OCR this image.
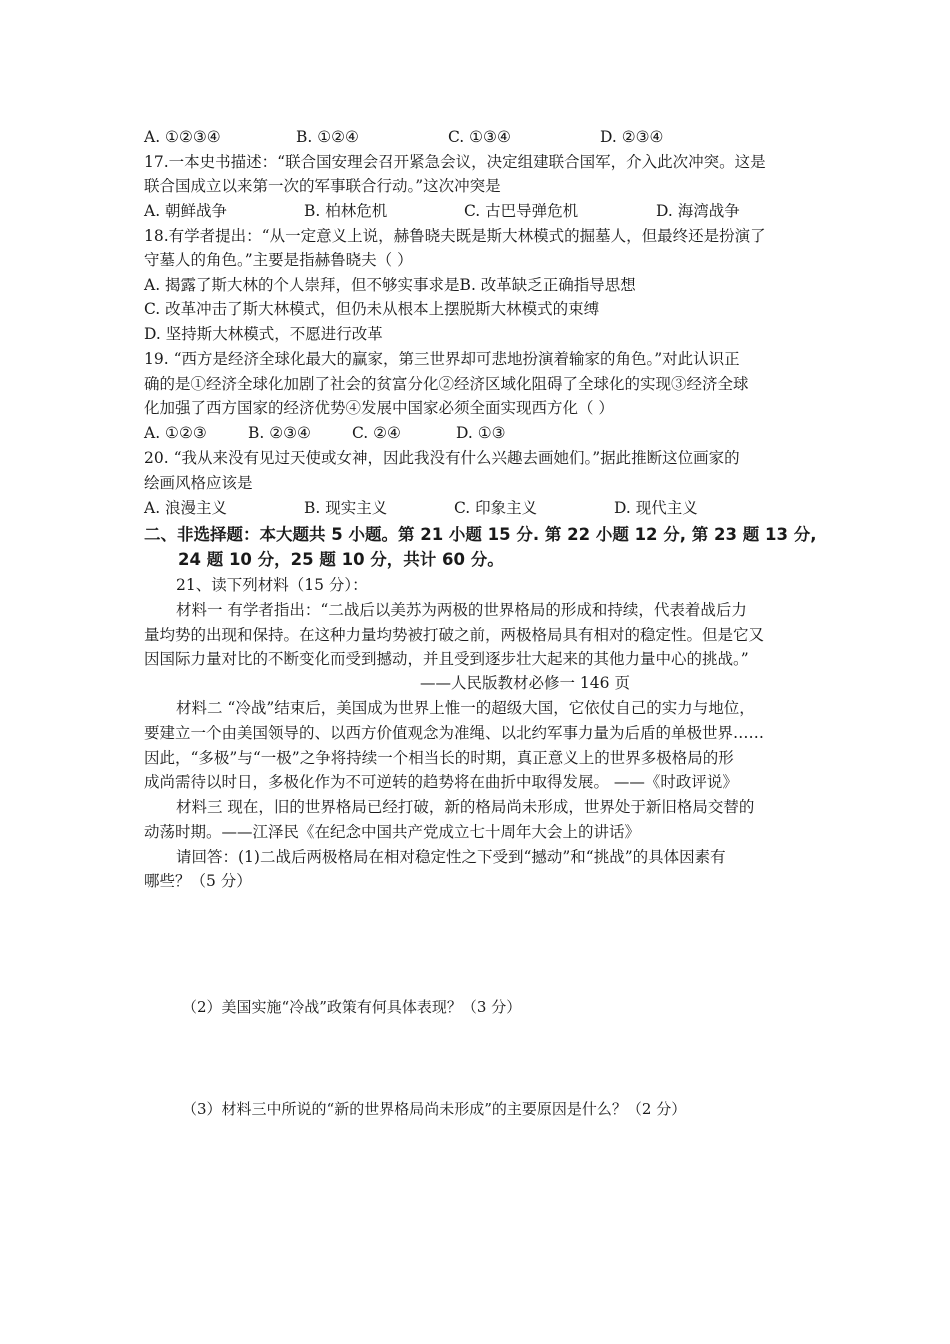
A. ①②③④	B. ①②④	C. ①③④	D. ②③④
17.一本史书描述：“联合国安理会召开紧急会议，决定组建联合国军，介入此次冲突。这是
联合国成立以来第一次的军事联合行动。”这次冲突是
A. 朝鲜战争	B. 柏林危机	C. 古巴导弹危机	D. 海湾战争
18.有学者提出：“从一定意义上说，赫鲁晓夫既是斯大林模式的掘墓人，但最终还是扮演了
守墓人的角色。”主要是指赫鲁晓夫（ ）
A. 揭露了斯大林的个人崇拜，但不够实事求是B. 改革缺乏正确指导思想
C. 改革冲击了斯大林模式，但仍未从根本上摆脱斯大林模式的束缚
D. 坚持斯大林模式，不愿进行改革
19. “西方是经济全球化最大的赢家，第三世界却可悲地扮演着输家的角色。”对此认识正
确的是①经济全球化加剧了社会的贫富分化②经济区域化阻碍了全球化的实现③经济全球
化加强了西方国家的经济优势④发展中国家必须全面实现西方化（ ）
A. ①②③	B. ②③④	C. ②④	D. ①③
20. “我从来没有见过天使或女神，因此我没有什么兴趣去画她们。”据此推断这位画家的
绘画风格应该是
A. 浪漫主义	B. 现实主义	C. 印象主义	D. 现代主义
二、非选择题：本大题共 5 小题。第 21 小题 15 分. 第 22 小题 12 分, 第 23 题 13 分,
24 题 10 分，25 题 10 分，共计 60 分。
21、读下列材料（15 分）：
材料一 有学者指出：“二战后以美苏为两极的世界格局的形成和持续，代表着战后力
量均势的出现和保持。在这种力量均势被打破之前，两极格局具有相对的稳定性。但是它又
因国际力量对比的不断变化而受到撼动，并且受到逐步壮大起来的其他力量中心的挑战。”
——人民版教材必修一 146 页
材料二 “冷战”结束后，美国成为世界上惟一的超级大国，它依仗自己的实力与地位，
要建立一个由美国领导的、以西方价值观念为准绳、以北约军事力量为后盾的单极世界……
因此，“多极”与“一极”之争将持续一个相当长的时期，真正意义上的世界多极格局的形
成尚需待以时日，多极化作为不可逆转的趋势将在曲折中取得发展。 ——《时政评说》
材料三 现在，旧的世界格局已经打破，新的格局尚未形成，世界处于新旧格局交替的
动荡时期。——江泽民《在纪念中国共产党成立七十周年大会上的讲话》
请回答：(1)二战后两极格局在相对稳定性之下受到“撼动”和“挑战”的具体因素有
哪些？（5 分）
（2）美国实施“冷战”政策有何具体表现？（3 分）
（3）材料三中所说的“新的世界格局尚未形成”的主要原因是什么？（2 分）
